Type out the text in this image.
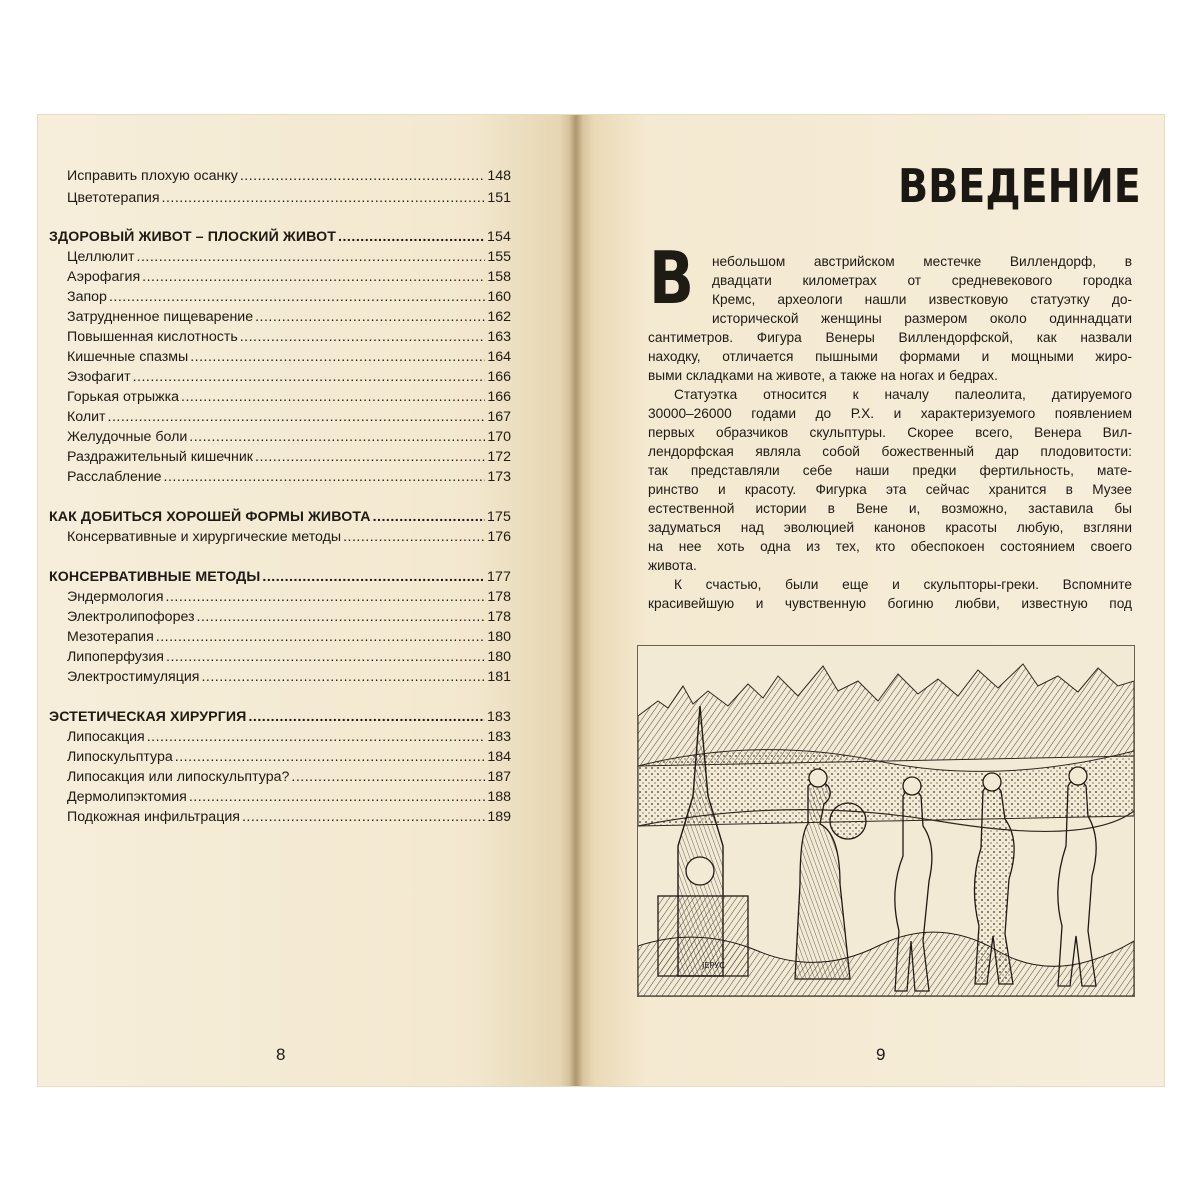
Исправить плохую осанку .....	148
Цветотерапия .....	151
ЗДОРОВЫЙ ЖИВОТ – ПЛОСКИЙ ЖИВОТ .....	154
Целлюлит .....	155
Аэрофагия .....	158
Запор .....	160
Затрудненное пищеварение .....	162
Повышенная кислотность .....	163
Кишечные спазмы .....	164
Эзофагит .....	166
Горькая отрыжка .....	166
Колит .....	167
Желудочные боли .....	170
Раздражительный кишечник .....	172
Расслабление .....	173
КАК ДОБИТЬСЯ ХОРОШЕЙ ФОРМЫ ЖИВОТА .....	175
Консервативные и хирургические методы .....	176
КОНСЕРВАТИВНЫЕ МЕТОДЫ .....	177
Эндермология .....	178
Электролипофорез .....	178
Мезотерапия .....	180
Липоперфузия .....	180
Электростимуляция .....	181
ЭСТЕТИЧЕСКАЯ ХИРУРГИЯ .....	183
Липосакция .....	183
Липоскульптура .....	184
Липосакция или липоскульптура? .....	187
Дермолипэктомия .....	188
Подкожная инфильтрация .....	189
8
ВВЕДЕНИЕ
В небольшом австрийском местечке Виллендорф, в
двадцати километрах от средневекового городка
Кремс, археологи нашли известковую статуэтку до-
исторической женщины размером около одиннадцати
сантиметров. Фигура Венеры Виллендорфской, как назвали
находку, отличается пышными формами и мощными жиро-
выми складками на животе, а также на ногах и бедрах.
Статуэтка относится к началу палеолита, датируемого
30000–26000 годами до Р.Х. и характеризуемого появлением
первых образчиков скульптуры. Скорее всего, Венера Вил-
лендорфская являла собой божественный дар плодовитости:
так представляли себе наши предки фертильность, мате-
ринство и красоту. Фигурка эта сейчас хранится в Музее
естественной истории в Вене и, возможно, заставила бы
задуматься над эволюцией канонов красоты любую, взгляни
на нее хоть одна из тех, кто обеспокоен состоянием своего
живота.
К счастью, были еще и скульпторы-греки. Вспомните
красивейшую и чувственную богиню любви, известную под
ЈЕРУС
9
